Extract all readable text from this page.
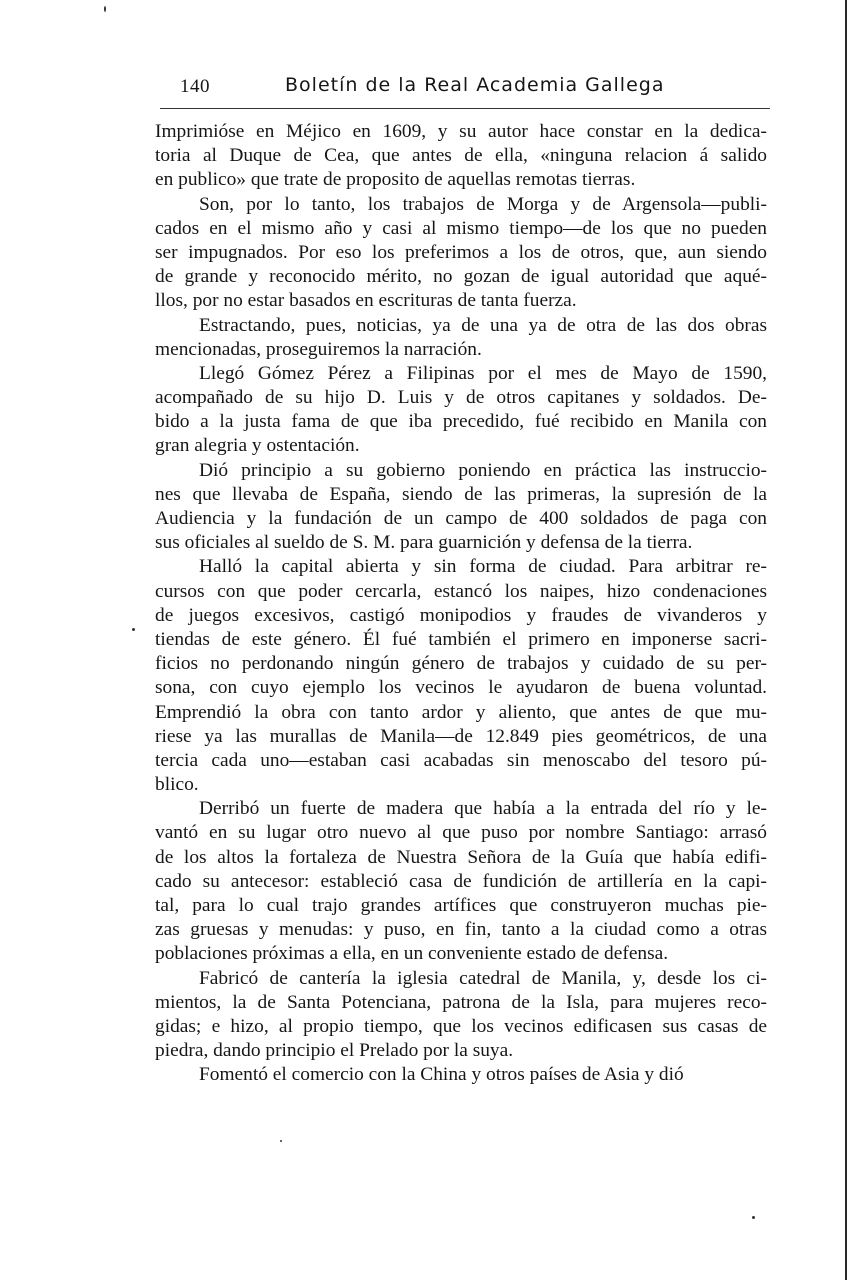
140	Boletín de la Real Academia Gallega
Imprimióse en Méjico en 1609, y su autor hace constar en la dedica-
toria al Duque de Cea, que antes de ella, «ninguna relacion á salido
en publico» que trate de proposito de aquellas remotas tierras.
Son, por lo tanto, los trabajos de Morga y de Argensola—publi-
cados en el mismo año y casi al mismo tiempo—de los que no pueden
ser impugnados. Por eso los preferimos a los de otros, que, aun siendo
de grande y reconocido mérito, no gozan de igual autoridad que aqué-
llos, por no estar basados en escrituras de tanta fuerza.
Estractando, pues, noticias, ya de una ya de otra de las dos obras
mencionadas, proseguiremos la narración.
Llegó Gómez Pérez a Filipinas por el mes de Mayo de 1590,
acompañado de su hijo D. Luis y de otros capitanes y soldados. De-
bido a la justa fama de que iba precedido, fué recibido en Manila con
gran alegria y ostentación.
Dió principio a su gobierno poniendo en práctica las instruccio-
nes que llevaba de España, siendo de las primeras, la supresión de la
Audiencia y la fundación de un campo de 400 soldados de paga con
sus oficiales al sueldo de S. M. para guarnición y defensa de la tierra.
Halló la capital abierta y sin forma de ciudad. Para arbitrar re-
cursos con que poder cercarla, estancó los naipes, hizo condenaciones
de juegos excesivos, castigó monipodios y fraudes de vivanderos y
tiendas de este género. Él fué también el primero en imponerse sacri-
ficios no perdonando ningún género de trabajos y cuidado de su per-
sona, con cuyo ejemplo los vecinos le ayudaron de buena voluntad.
Emprendió la obra con tanto ardor y aliento, que antes de que mu-
riese ya las murallas de Manila—de 12.849 pies geométricos, de una
tercia cada uno—estaban casi acabadas sin menoscabo del tesoro pú-
blico.
Derribó un fuerte de madera que había a la entrada del río y le-
vantó en su lugar otro nuevo al que puso por nombre Santiago: arrasó
de los altos la fortaleza de Nuestra Señora de la Guía que había edifi-
cado su antecesor: estableció casa de fundición de artillería en la capi-
tal, para lo cual trajo grandes artífices que construyeron muchas pie-
zas gruesas y menudas: y puso, en fin, tanto a la ciudad como a otras
poblaciones próximas a ella, en un conveniente estado de defensa.
Fabricó de cantería la iglesia catedral de Manila, y, desde los ci-
mientos, la de Santa Potenciana, patrona de la Isla, para mujeres reco-
gidas; e hizo, al propio tiempo, que los vecinos edificasen sus casas de
piedra, dando principio el Prelado por la suya.
Fomentó el comercio con la China y otros países de Asia y dió
